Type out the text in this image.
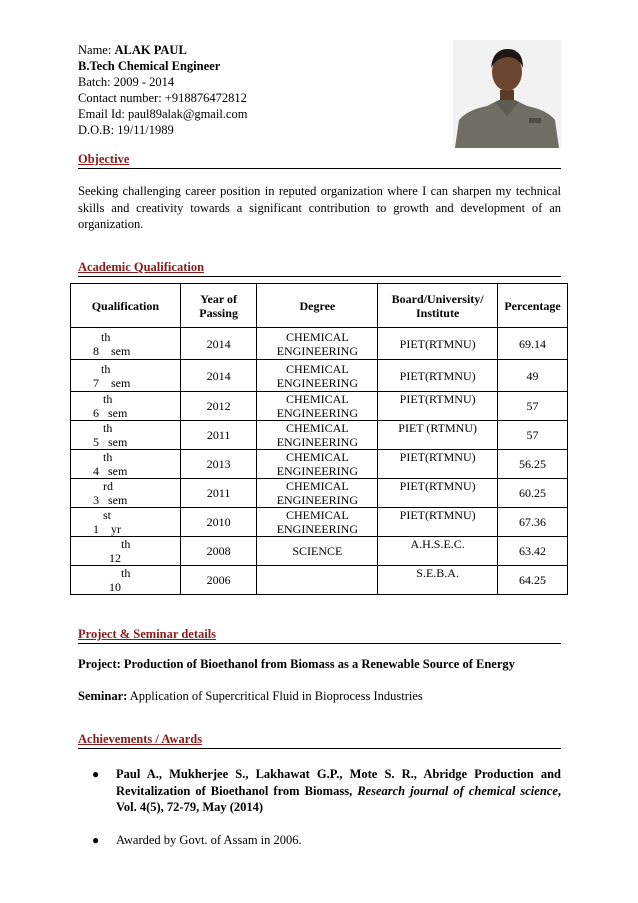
Name: ALAK PAUL
B.Tech Chemical Engineer
Batch: 2009 - 2014
Contact number: +918876472812
Email Id: paul89alak@gmail.com
D.O.B: 19/11/1989
Objective
Seeking challenging career position in reputed organization where I can sharpen my technical skills and creativity towards a significant contribution to growth and development of an organization.
Academic Qualification
Qualification	Year of Passing	Degree	Board/University/ Institute	Percentage

th
8    sem	2014	CHEMICAL ENGINEERING	PIET(RTMNU)	69.14

th
7    sem	2014	CHEMICAL ENGINEERING	PIET(RTMNU)	49

th
6   sem	2012	CHEMICAL ENGINEERING	PIET(RTMNU)	57

th
5   sem	2011	CHEMICAL ENGINEERING	PIET (RTMNU)	57

th
4   sem	2013	CHEMICAL ENGINEERING	PIET(RTMNU)	56.25

rd
3   sem	2011	CHEMICAL ENGINEERING	PIET(RTMNU)	60.25

st
1    yr	2010	CHEMICAL ENGINEERING	PIET(RTMNU)	67.36

th
12	2008	SCIENCE	A.H.S.E.C.	63.42

th
10	2006		S.E.B.A.	64.25
Project & Seminar details
Project: Production of Bioethanol from Biomass as a Renewable Source of Energy
Seminar: Application of Supercritical Fluid in Bioprocess Industries
Achievements / Awards
● Paul A., Mukherjee S., Lakhawat G.P., Mote S. R., Abridge Production and Revitalization of Bioethanol from Biomass, Research journal of chemical science, Vol. 4(5), 72-79, May (2014)
● Awarded by Govt. of Assam in 2006.
